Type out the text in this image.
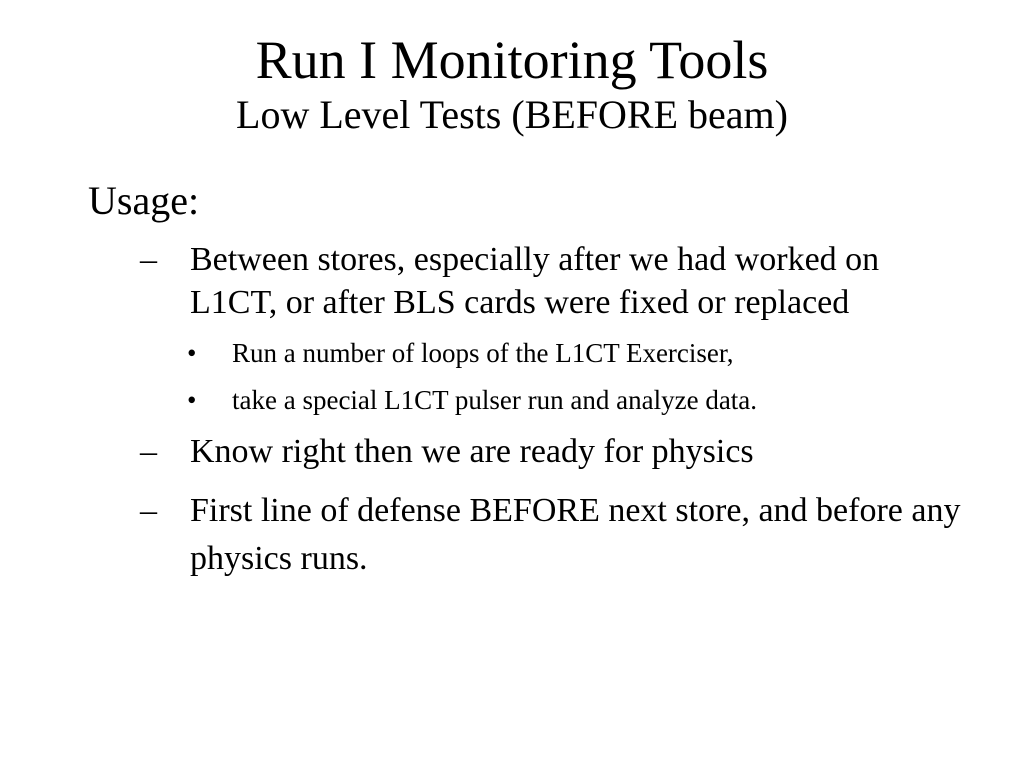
Run I Monitoring Tools
Low Level Tests (BEFORE beam)

Usage:

– Between stores, especially after we had worked on L1CT, or after BLS cards were fixed or replaced
• Run a number of loops of the L1CT Exerciser,
• take a special L1CT pulser run and analyze data.
– Know right then we are ready for physics
– First line of defense BEFORE next store, and before any physics runs.
